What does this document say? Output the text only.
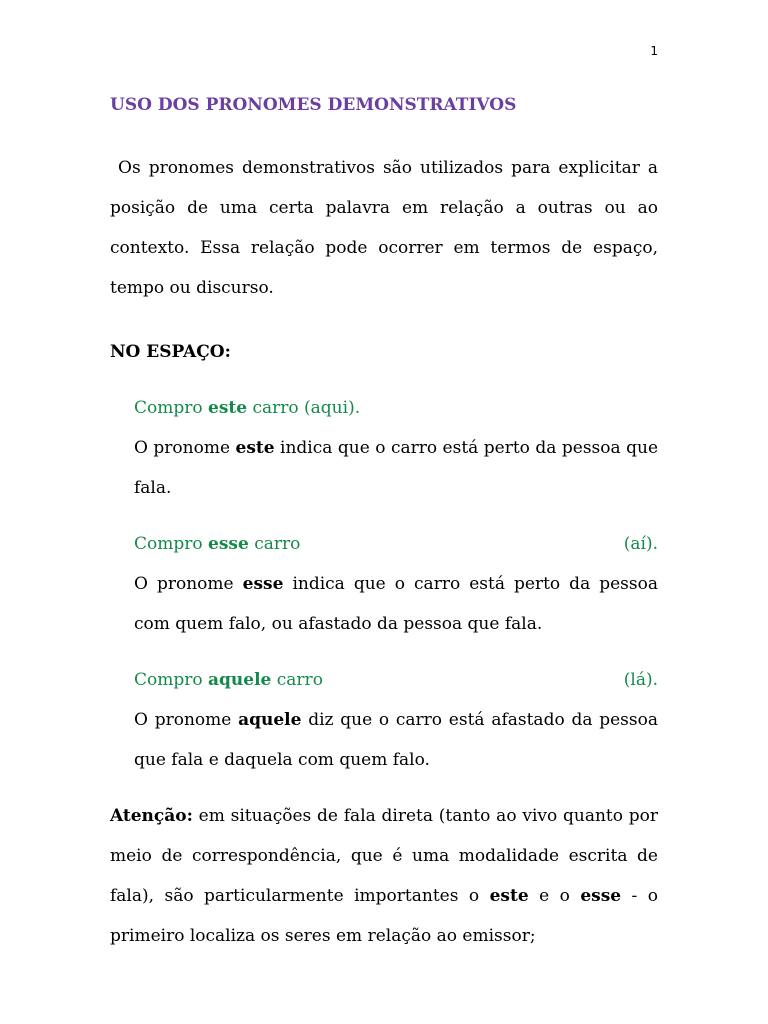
1
USO DOS PRONOMES DEMONSTRATIVOS

Os pronomes demonstrativos são utilizados para explicitar a posição de uma certa palavra em relação a outras ou ao contexto. Essa relação pode ocorrer em termos de espaço, tempo ou discurso.

NO ESPAÇO:

Compro este carro (aqui).

O pronome este indica que o carro está perto da pessoa que fala.

Compro esse carro	(aí).

O pronome esse indica que o carro está perto da pessoa com quem falo, ou afastado da pessoa que fala.

Compro aquele carro	(lá).

O pronome aquele diz que o carro está afastado da pessoa que fala e daquela com quem falo.

Atenção: em situações de fala direta (tanto ao vivo quanto por meio de correspondência, que é uma modalidade escrita de fala), são particularmente importantes o este e o esse - o primeiro localiza os seres em relação ao emissor;
